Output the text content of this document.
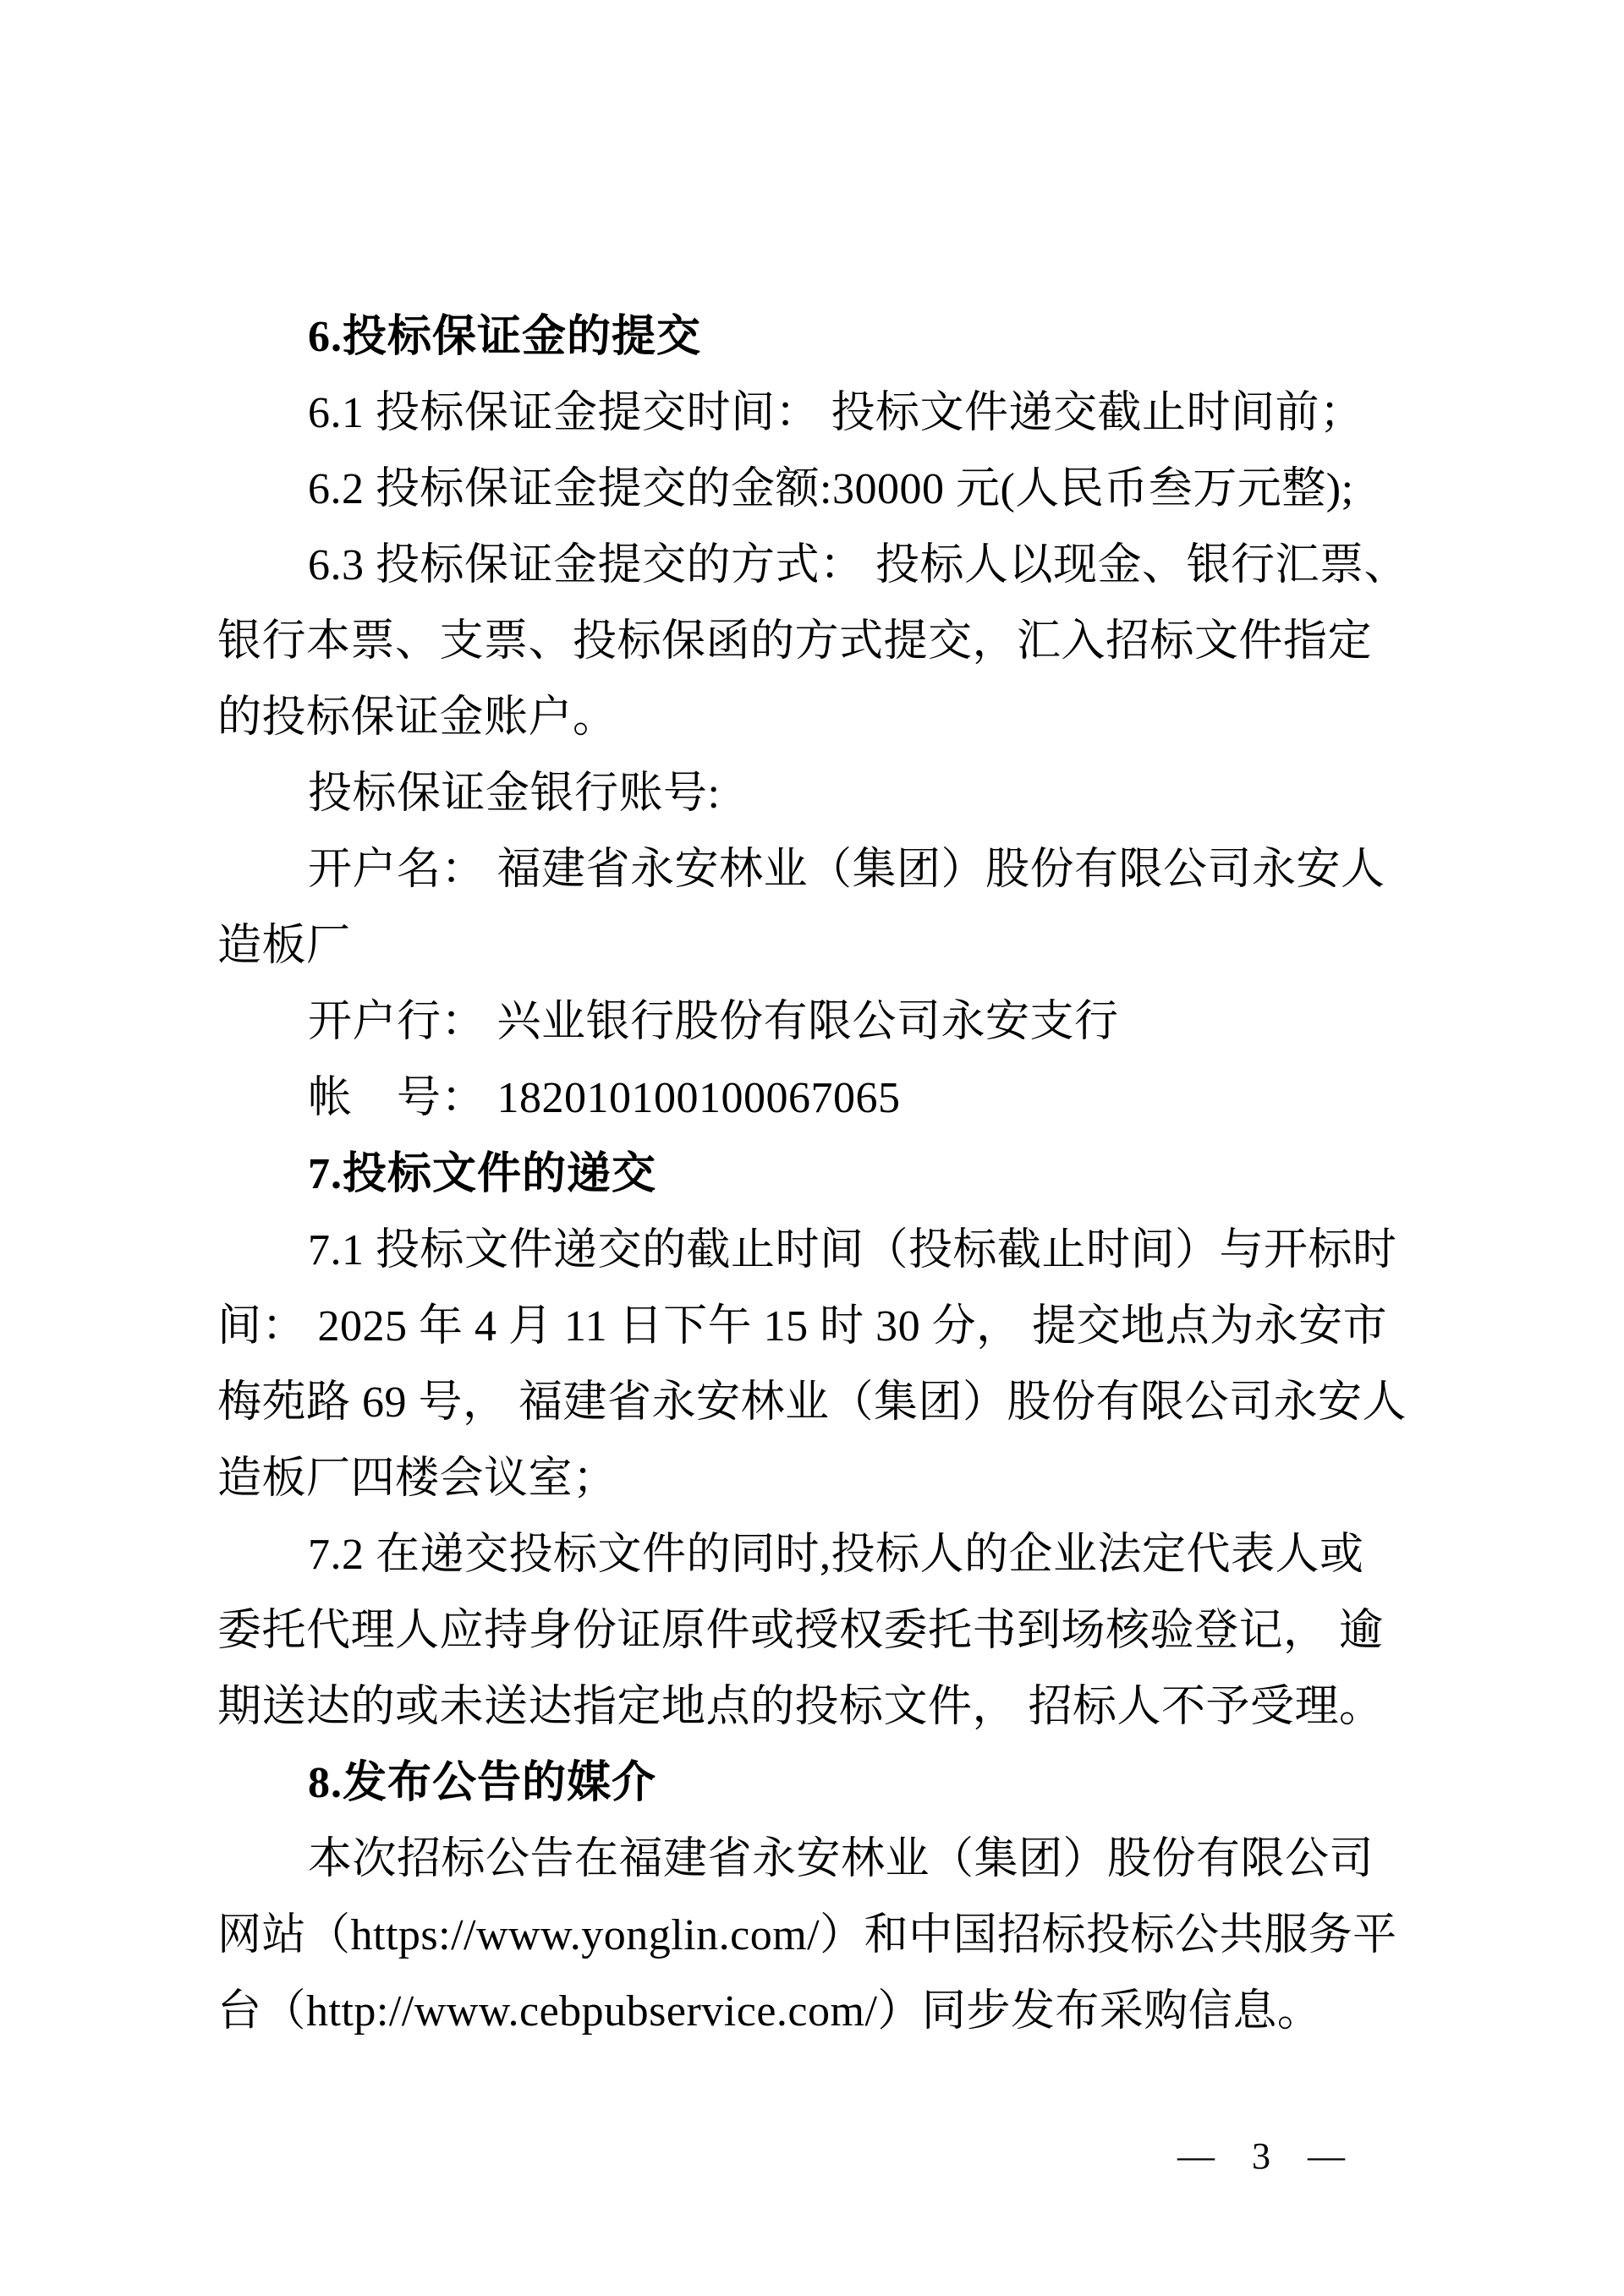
6.投标保证金的提交
6.1 投标保证金提交时间： 投标文件递交截止时间前；
6.2 投标保证金提交的金额:30000 元(人民币叁万元整);
6.3 投标保证金提交的方式： 投标人以现金、银行汇票、
银行本票、支票、投标保函的方式提交，汇入招标文件指定
的投标保证金账户。
投标保证金银行账号:
开户名： 福建省永安林业（集团）股份有限公司永安人
造板厂
开户行： 兴业银行股份有限公司永安支行
帐　号： 182010100100067065
7.投标文件的递交
7.1 投标文件递交的截止时间（投标截止时间）与开标时
间： 2025 年 4 月 11 日下午 15 时 30 分， 提交地点为永安市
梅苑路 69 号， 福建省永安林业（集团）股份有限公司永安人
造板厂四楼会议室；
7.2 在递交投标文件的同时,投标人的企业法定代表人或
委托代理人应持身份证原件或授权委托书到场核验登记， 逾
期送达的或未送达指定地点的投标文件， 招标人不予受理。
8.发布公告的媒介
本次招标公告在福建省永安林业（集团）股份有限公司
网站（https://www.yonglin.com/）和中国招标投标公共服务平
台（http://www.cebpubservice.com/）同步发布采购信息。
—　3　—
